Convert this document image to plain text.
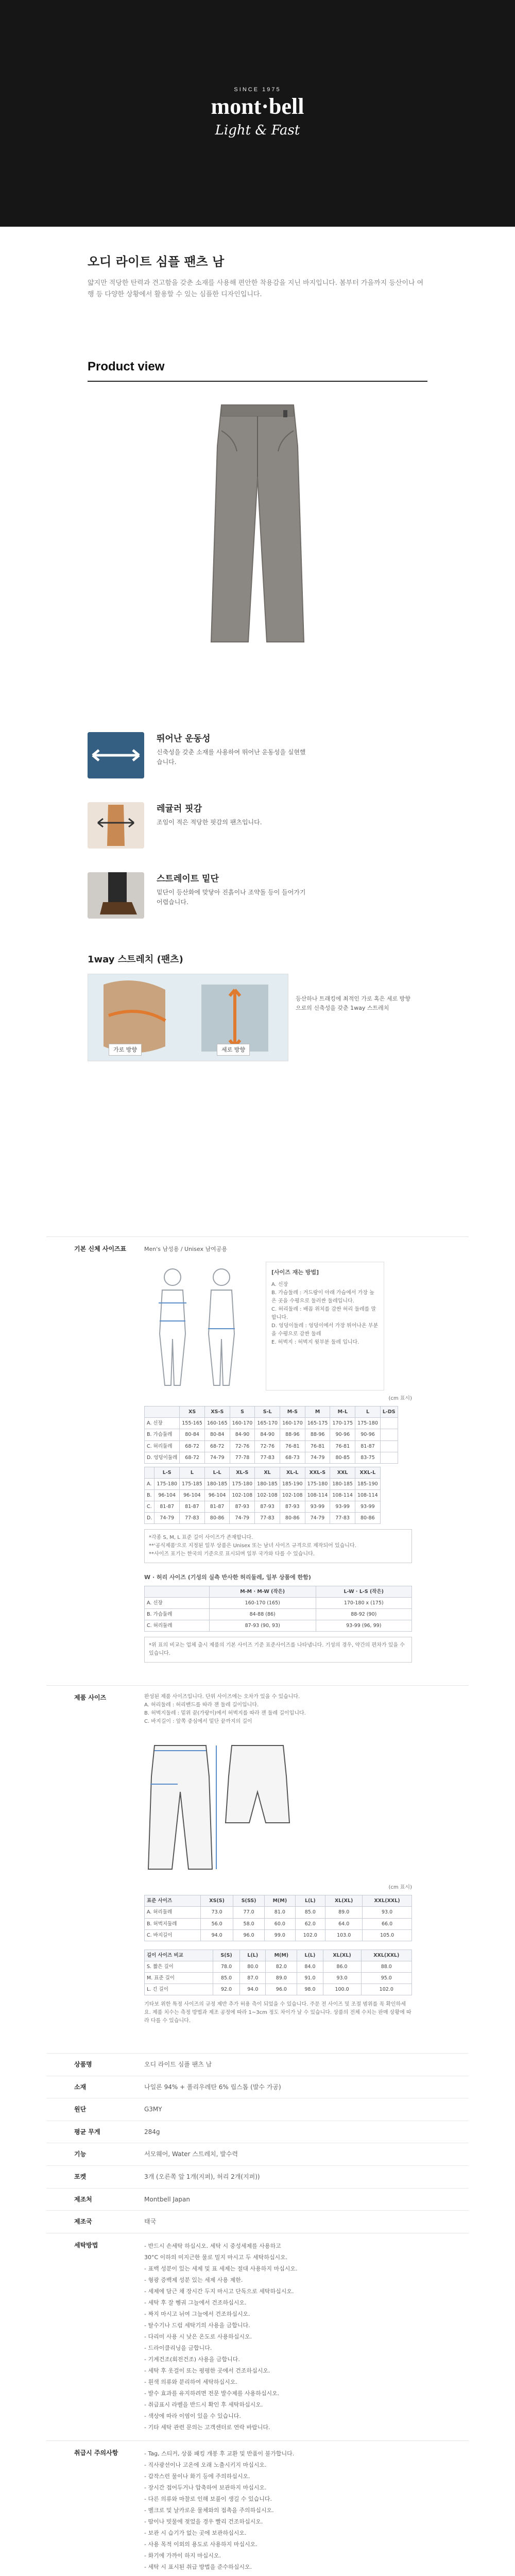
SINCE 1975
mont·bell
Light & Fast
오디 라이트 심플 팬츠 남
얇지만 적당한 탄력과 견고함을 갖춘 소재를 사용해 편안한 착용감을 지닌 바지입니다. 봄부터 가을까지 등산이나 여행 등 다양한 상황에서 활용할 수 있는 심플한 디자인입니다.
Product view
뛰어난 운동성
신축성을 갖춘 소재를 사용하여 뛰어난 운동성을 실현했습니다.
레귤러 핏감
조임이 적은 적당한 핏감의 팬츠입니다.
스트레이트 밑단
밑단이 등산화에 맞닿아 진흙이나 조약돌 등이 들어가기 어렵습니다.
1way 스트레치 (팬츠)
가로 방향	세로 방향
등산하나 트래킹에 최적인 가로 혹은 세로 방향으로의 신축성을 갖춘 1way 스트레치
기본 신체 사이즈표	Men's 남성용 / Unisex 남여공용
[사이즈 재는 방법]
A. 신장
B. 가슴둘레 : 겨드랑이 아래 가슴에서 가장 높은 곳을 수평으로 둘러싼 둘레입니다.
C. 허리둘레 : 배꼽 위치를 감싼 허리 둘레를 말합니다.
D. 엉덩이둘레 : 엉덩이에서 가장 튀어나온 부분을 수평으로 감싼 둘레
E. 허벅지 : 허벅지 윗부분 둘레 입니다.
(cm 표시)
	XS	XS-S	S	S-L	M-S	M	M-L	L	L-DS
A. 신장	155-165	160-165	160-170	165-170	160-170	165-175	170-175	175-180	
B. 가슴둘레	80-84	80-84	84-90	84-90	88-96	88-96	90-96	90-96	
C. 허리둘레	68-72	68-72	72-76	72-76	76-81	76-81	76-81	81-87	
D. 엉덩이둘레	68-72	74-79	77-78	77-83	68-73	74-79	80-85	83-75	
	L-S	L	L-L	XL-S	XL	XL-L	XXL-S	XXL	XXL-L
A.	175-180	175-185	180-185	175-180	180-185	185-190	175-180	180-185	185-190
B.	96-104	96-104	96-104	102-108	102-108	102-108	108-114	108-114	108-114
C.	81-87	81-87	81-87	87-93	87-93	87-93	93-99	93-99	93-99
D.	74-79	77-83	80-86	74-79	77-83	80-86	74-79	77-83	80-86
*각종 S, M, L 표준 길이 사이즈가 존재합니다.
**'공식제품'으로 지정된 일부 상품은 Unisex 또는 남녀 사이즈 규격으로 제작되어 있습니다.
**사이즈 표기는 한국의 기준으로 표시되며 일부 국가와 다를 수 있습니다.
W · 허리 사이즈 (기성의 실측 반사한 허리둘레, 일부 상품에 한함)
	M-M · M-W (작은)	L-W · L-S (작은)
A. 신장	160-170 (165)	170-180 x (175)
B. 가슴둘레	84-88 (86)	88-92 (90)
C. 허리둘레	87-93 (90, 93)	93-99 (96, 99)
*위 표의 비교는 업체 출시 제품의 기본 사이즈 기준 표준사이즈를 나타냅니다. 기성의 경우, 약간의 편차가 있을 수 있습니다.
제품 사이즈	완성된 제품 사이즈입니다. 단위 사이즈에는 오차가 있을 수 있습니다.
A. 허리둘레 : 허리밴드를 따라 잰 둘레 길이입니다.
B. 허벅지둘레 : 밑위 끝(가랑이)에서 허벅지를 따라 잰 둘레 길이입니다.
C. 바지길이 : 앞쪽 중심에서 밑단 끝까지의 길이
(cm 표시)
표준 사이즈	XS(S)	S(SS)	M(M)	L(L)	XL(XL)	XXL(XXL)
A. 허리둘레	73.0	77.0	81.0	85.0	89.0	93.0
B. 허벅지둘레	56.0	58.0	60.0	62.0	64.0	66.0
C. 바지길이	94.0	96.0	99.0	102.0	103.0	105.0
길이 사이즈 비교	S(S)	L(L)	M(M)	L(L)	XL(XL)	XXL(XXL)
S. 짧은 길이	78.0	80.0	82.0	84.0	86.0	88.0
M. 표준 길이	85.0	87.0	89.0	91.0	93.0	95.0
L. 긴 길이	92.0	94.0	96.0	98.0	100.0	102.0
기타보 위한 특정 사이즈의 규정 제반 추가 허용 측이 되었을 수 있습니다. 주문 전 사이즈 및 조절 범위를 꼭 확인하세요. 제품 치수는 측정 방법과 제조 공정에 따라 1~3cm 정도 차이가 날 수 있습니다. 상품의 전체 수치는 판매 상황에 따라 다를 수 있습니다.
상품명	오디 라이트 심플 팬츠 남
소재	나일론 94% + 폴리우레탄 6% 립스톱 (발수 가공)
원단	G3MY
평균 무게	284g
기능	서모웨어, Water 스트레치, 발수력
포켓	3개 (오른쪽 앞 1개(지퍼), 허리 2개(지퍼))
제조처	Montbell Japan
제조국	태국
세탁방법	- 반드시 손세탁 하십시오. 세탁 시 중성세제를 사용하고
30°C 이하의 미지근한 물로 밀지 마시고 두 세탁하십시오.
- 표백 성분이 있는 세제 및 표 세제는 절대 사용하지 마십시오.
- 형광 증백제 성분 있는 세제 사용 제한.
- 세제에 담근 채 장시간 두지 마시고 단독으로 세탁하십시오.
- 세탁 후 잘 헹궈 그늘에서 건조하십시오.
- 짜지 마시고 뉘여 그늘에서 건조하십시오.
- 탈수기나 드럼 세탁기의 사용을 금합니다.
- 다리미 사용 시 낮은 온도로 사용하십시오.
- 드라이클리닝을 금합니다.
- 기계건조(회전건조) 사용을 금합니다.
- 세탁 후 옷걸이 또는 평평한 곳에서 건조하십시오.
- 흰색 의류와 분리하여 세탁하십시오.
- 발수 효과를 유지하려면 전문 발수제를 사용하십시오.
- 취급표시 라벨을 반드시 확인 후 세탁하십시오.
- 색상에 따라 이염이 있을 수 있습니다.
- 기타 세탁 관련 문의는 고객센터로 연락 바랍니다.
취급시 주의사항	- Tag, 스티커, 상품 패킹 개봉 후 교환 및 반품이 불가합니다.
- 직사광선이나 고온에 오래 노출시키지 마십시오.
- 갑작스런 물이나 화기 등에 주의하십시오.
- 장시간 접어두거나 압축하여 보관하지 마십시오.
- 다른 의류와 마찰로 인해 보풀이 생길 수 있습니다.
- 벨크로 및 날카로운 물체와의 접촉을 주의하십시오.
- 땀이나 빗물에 젖었을 경우 빨리 건조하십시오.
- 보관 시 습기가 없는 곳에 보관하십시오.
- 사용 목적 이외의 용도로 사용하지 마십시오.
- 화기에 가까이 하지 마십시오.
- 세탁 시 표시된 취급 방법을 준수하십시오.
